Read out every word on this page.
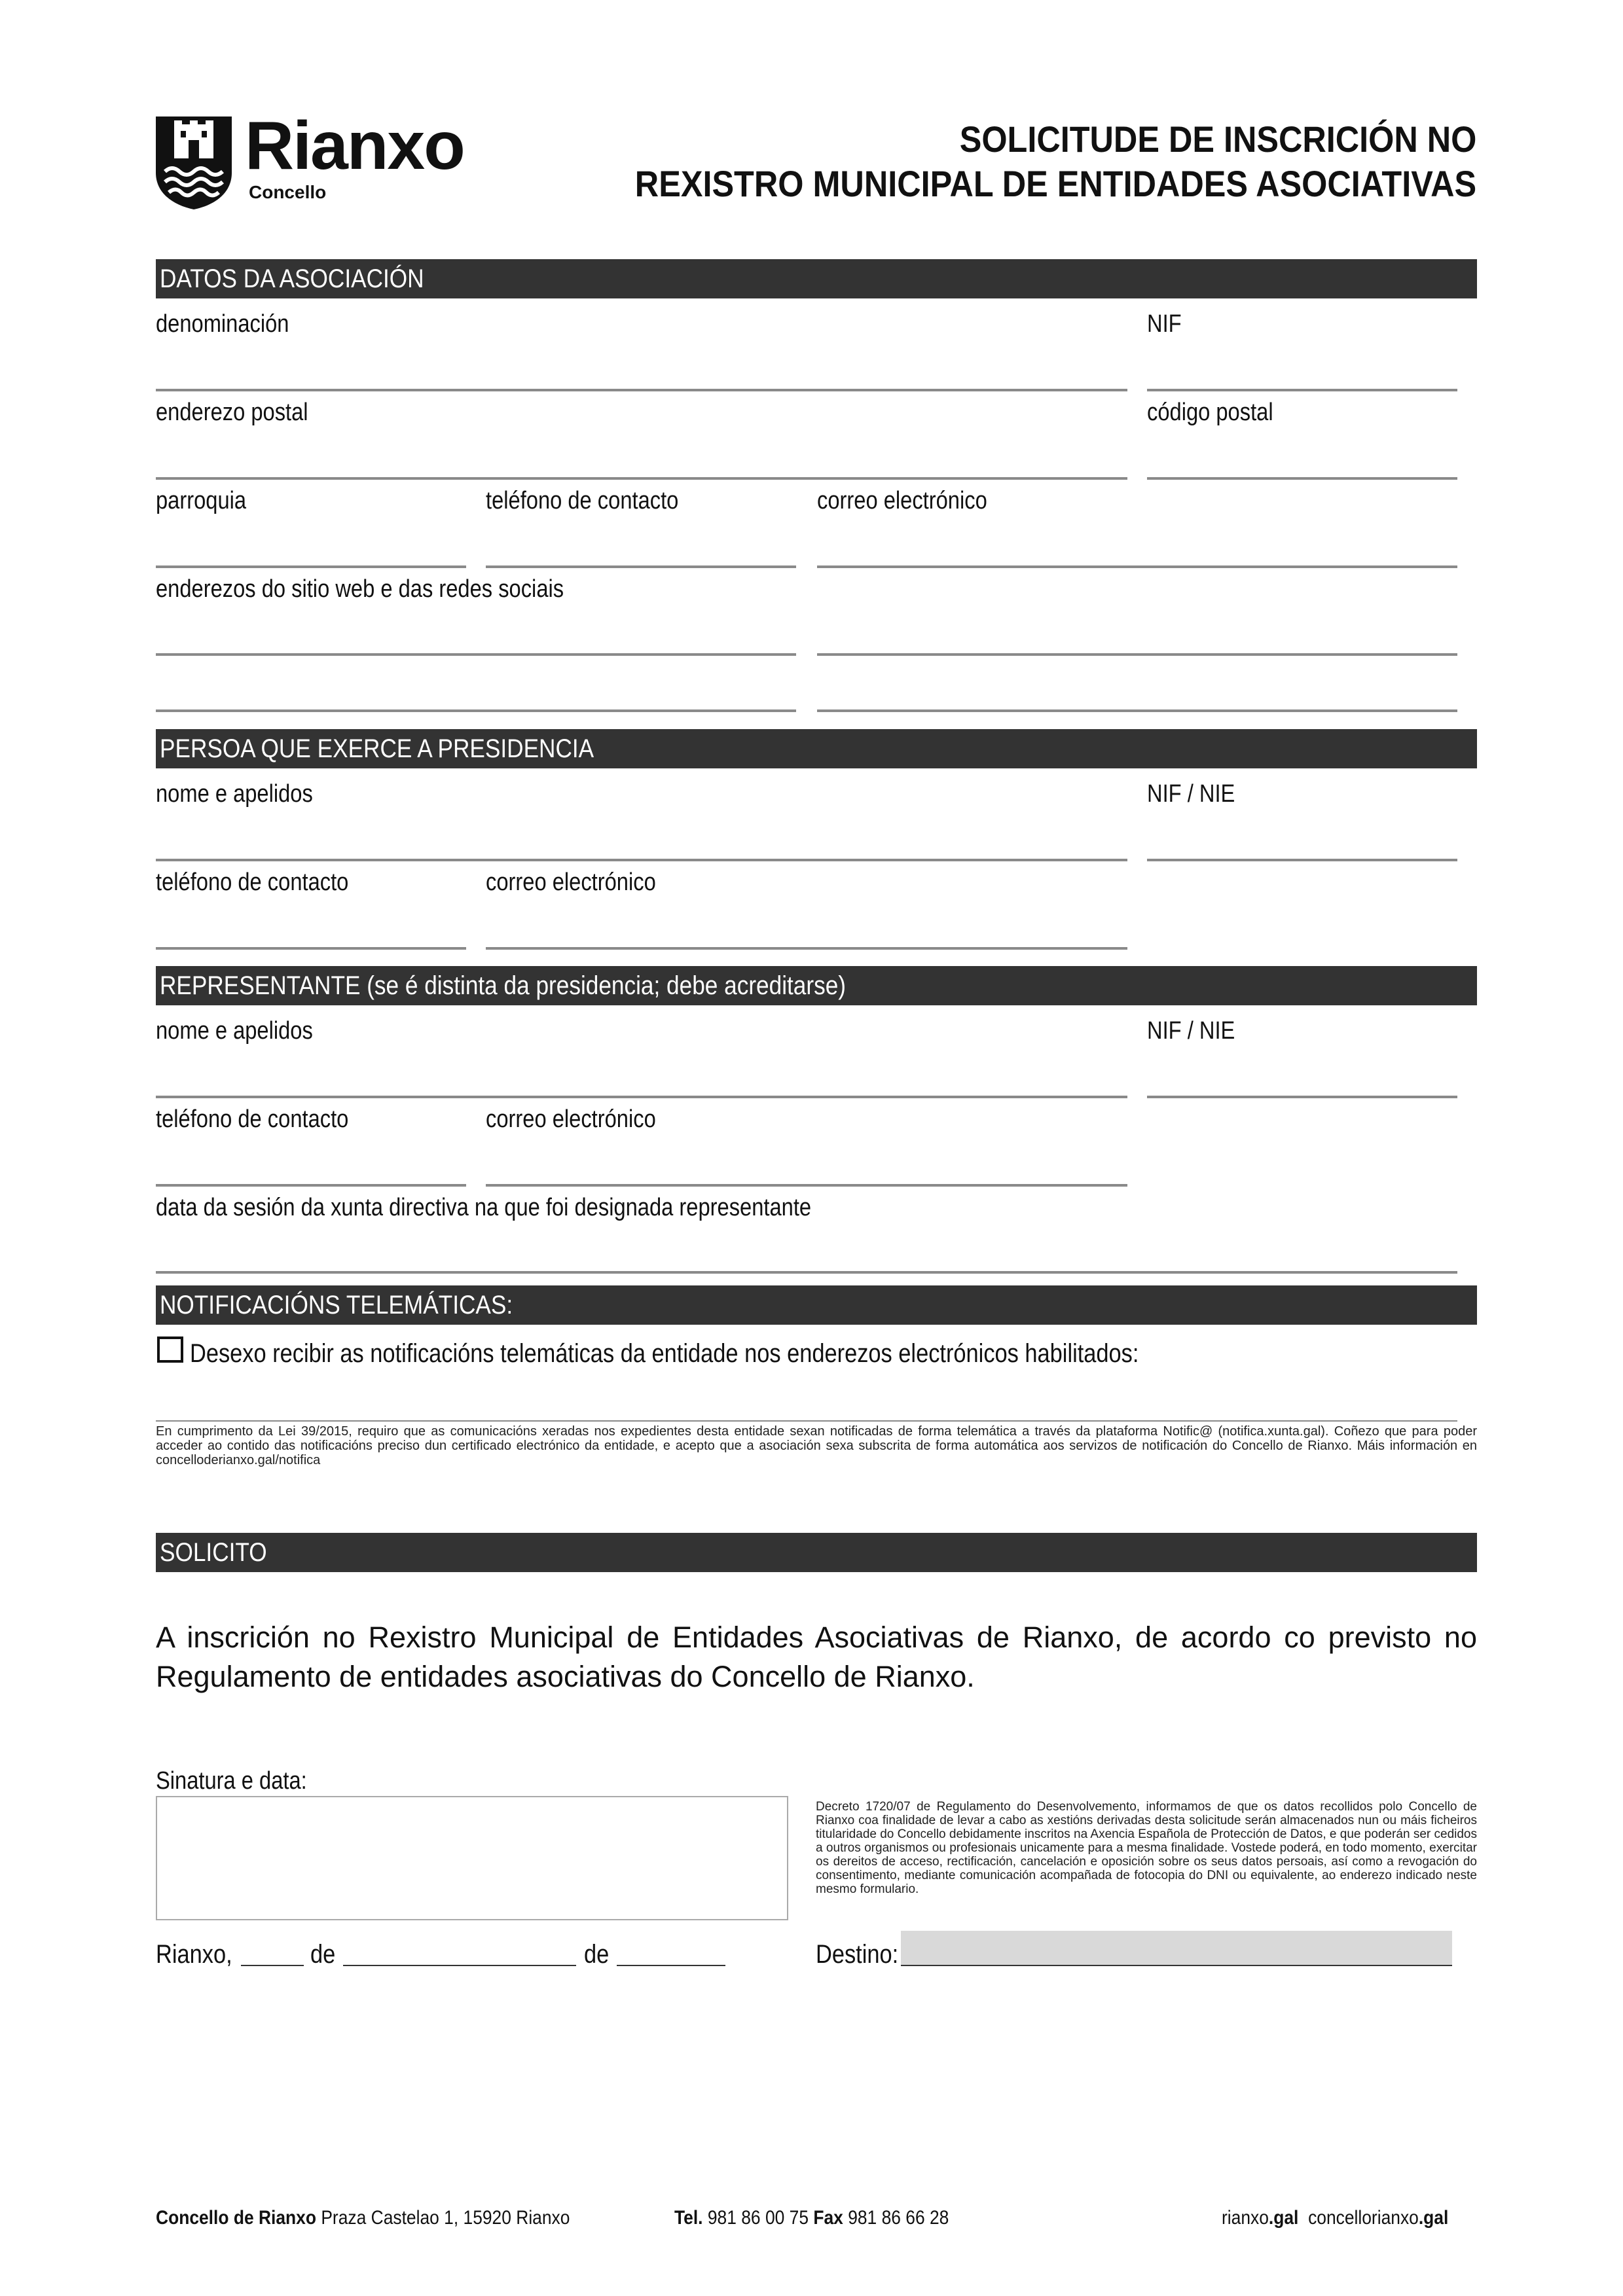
Rianxo
Concello
SOLICITUDE DE INSCRICIÓN NO
REXISTRO MUNICIPAL DE ENTIDADES ASOCIATIVAS
DATOS DA ASOCIACIÓN
denominación	NIF
enderezo postal	código postal
parroquia	teléfono de contacto	correo electrónico
enderezos do sitio web e das redes sociais
PERSOA QUE EXERCE A PRESIDENCIA
nome e apelidos	NIF / NIE
teléfono de contacto	correo electrónico
REPRESENTANTE (se é distinta da presidencia; debe acreditarse)
nome e apelidos	NIF / NIE
teléfono de contacto	correo electrónico
data da sesión da xunta directiva na que foi designada representante
NOTIFICACIÓNS TELEMÁTICAS:
Desexo recibir as notificacións telemáticas da entidade nos enderezos electrónicos habilitados:
En cumprimento da Lei 39/2015, requiro que as comunicacións xeradas nos expedientes desta entidade sexan notificadas de forma telemática a través da plataforma Notific@ (notifica.xunta.gal). Coñezo que para poder acceder ao contido das notificacións preciso dun certificado electrónico da entidade, e acepto que a asociación sexa subscrita de forma automática aos servizos de notificación do Concello de Rianxo. Máis información en concelloderianxo.gal/notifica
SOLICITO
A inscrición no Rexistro Municipal de Entidades Asociativas de Rianxo, de acordo co previsto no Regulamento de entidades asociativas do Concello de Rianxo.
Sinatura e data:
Decreto 1720/07 de Regulamento do Desenvolvemento, informamos de que os datos recollidos polo Concello de Rianxo coa finalidade de levar a cabo as xestións derivadas desta solicitude serán almacenados nun ou máis ficheiros titularidade do Concello debidamente inscritos na Axencia Española de Protección de Datos, e que poderán ser cedidos a outros organismos ou profesionais unicamente para a mesma finalidade. Vostede poderá, en todo momento, exercitar os dereitos de acceso, rectificación, cancelación e oposición sobre os seus datos persoais, así como a revogación do consentimento, mediante comunicación acompañada de fotocopia do DNI ou equivalente, ao enderezo indicado neste mesmo formulario.
Rianxo,	de	de	Destino:
Concello de Rianxo Praza Castelao 1, 15920 Rianxo	Tel. 981 86 00 75 Fax 981 86 66 28	rianxo.gal concellorianxo.gal
